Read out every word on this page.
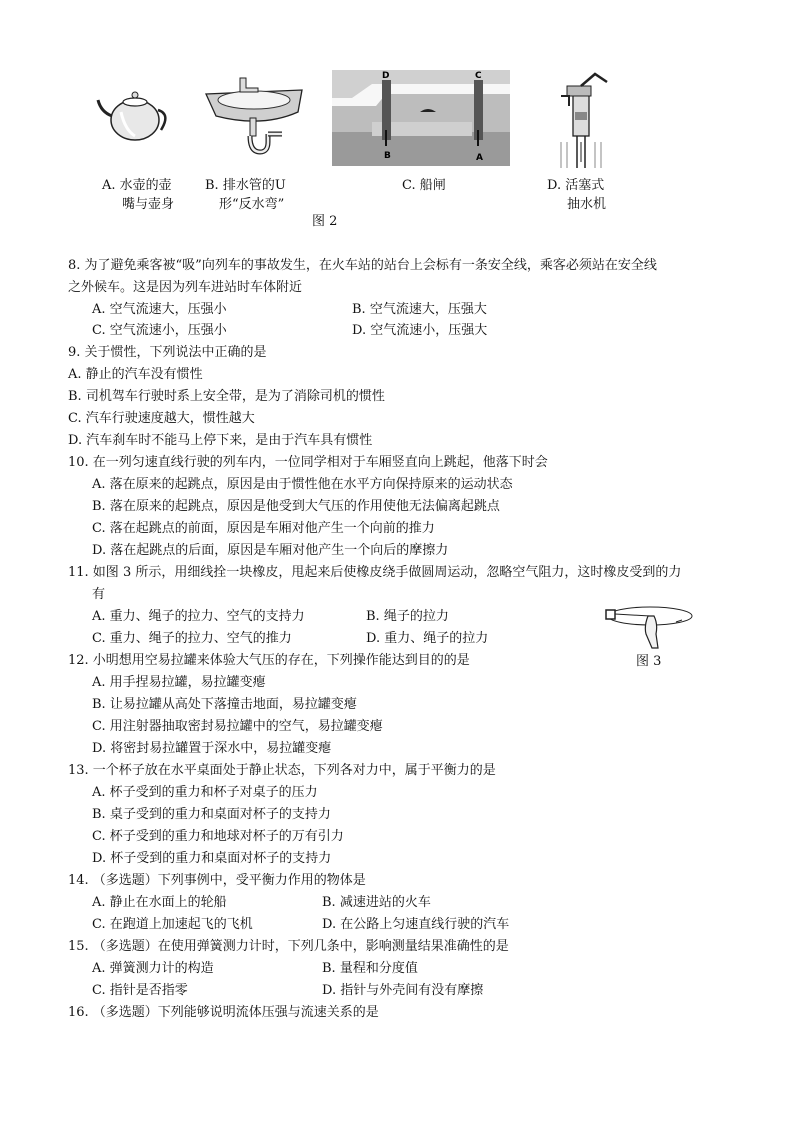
D	C
B	A
A. 水壶的壶
嘴与壶身
B. 排水管的U
形“反水弯”
C. 船闸	D. 活塞式
抽水机
图 2
图 3
8. 为了避免乘客被“吸”向列车的事故发生，在火车站的站台上会标有一条安全线，乘客必须站在安全线
之外候车。这是因为列车进站时车体附近
A. 空气流速大，压强小	B. 空气流速大，压强大
C. 空气流速小，压强小	D. 空气流速小，压强大
9. 关于惯性，下列说法中正确的是
A. 静止的汽车没有惯性
B. 司机驾车行驶时系上安全带，是为了消除司机的惯性
C. 汽车行驶速度越大，惯性越大
D. 汽车刹车时不能马上停下来，是由于汽车具有惯性
10. 在一列匀速直线行驶的列车内，一位同学相对于车厢竖直向上跳起，他落下时会
A. 落在原来的起跳点，原因是由于惯性他在水平方向保持原来的运动状态
B. 落在原来的起跳点，原因是他受到大气压的作用使他无法偏离起跳点
C. 落在起跳点的前面，原因是车厢对他产生一个向前的推力
D. 落在起跳点的后面，原因是车厢对他产生一个向后的摩擦力
11. 如图 3 所示，用细线拴一块橡皮，甩起来后使橡皮绕手做圆周运动，忽略空气阻力，这时橡皮受到的力
有
A. 重力、绳子的拉力、空气的支持力	B. 绳子的拉力
C. 重力、绳子的拉力、空气的推力	D. 重力、绳子的拉力
12. 小明想用空易拉罐来体验大气压的存在，下列操作能达到目的的是
A. 用手捏易拉罐，易拉罐变瘪
B. 让易拉罐从高处下落撞击地面，易拉罐变瘪
C. 用注射器抽取密封易拉罐中的空气，易拉罐变瘪
D. 将密封易拉罐置于深水中，易拉罐变瘪
13. 一个杯子放在水平桌面处于静止状态，下列各对力中，属于平衡力的是
A. 杯子受到的重力和杯子对桌子的压力
B. 桌子受到的重力和桌面对杯子的支持力
C. 杯子受到的重力和地球对杯子的万有引力
D. 杯子受到的重力和桌面对杯子的支持力
14. （多选题）下列事例中，受平衡力作用的物体是
A. 静止在水面上的轮船	B. 减速进站的火车
C. 在跑道上加速起飞的飞机	D. 在公路上匀速直线行驶的汽车
15. （多选题）在使用弹簧测力计时，下列几条中，影响测量结果准确性的是
A. 弹簧测力计的构造	B. 量程和分度值
C. 指针是否指零	D. 指针与外壳间有没有摩擦
16. （多选题）下列能够说明流体压强与流速关系的是
